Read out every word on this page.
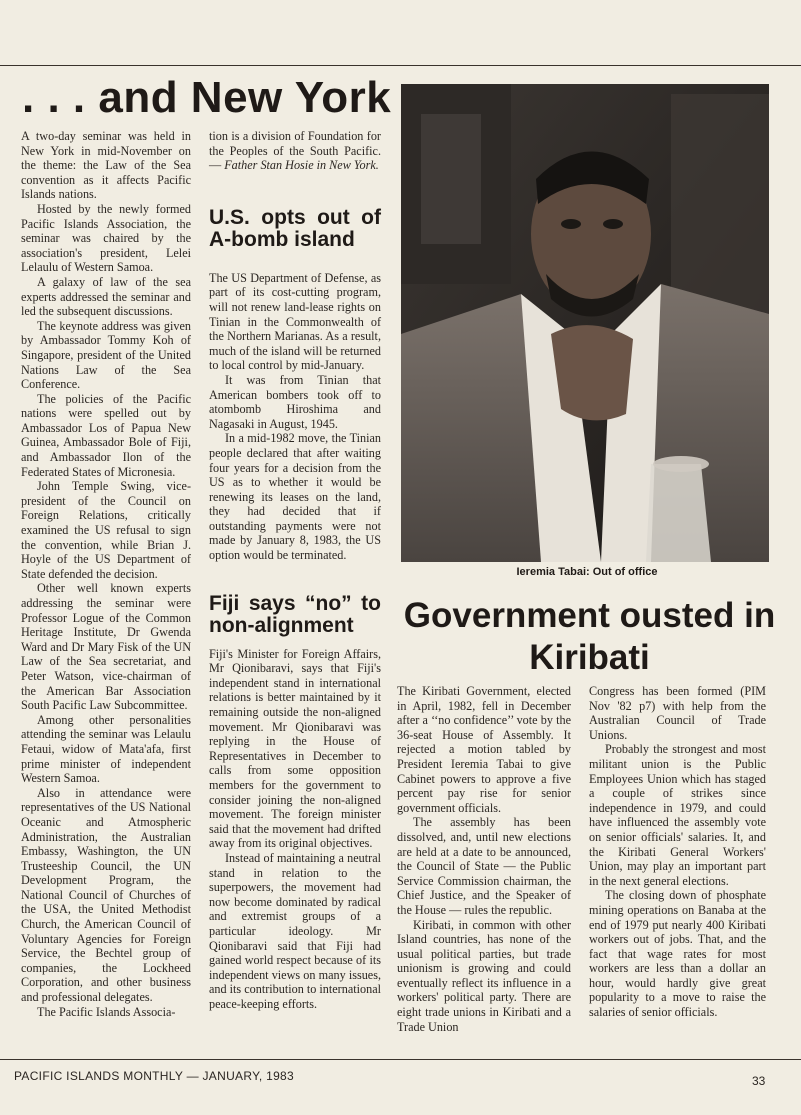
. . . and New York

A two-day seminar was held in New York in mid-November on the theme: the Law of the Sea convention as it affects Pacific Islands nations.

Hosted by the newly formed Pacific Islands Association, the seminar was chaired by the association's president, Lelei Lelaulu of Western Samoa.

A galaxy of law of the sea experts addressed the seminar and led the subsequent discussions.

The keynote address was given by Ambassador Tommy Koh of Singapore, president of the United Nations Law of the Sea Conference.

The policies of the Pacific nations were spelled out by Ambassador Los of Papua New Guinea, Ambassador Bole of Fiji, and Ambassador Ilon of the Federated States of Micronesia.

John Temple Swing, vice-president of the Council on Foreign Relations, critically examined the US refusal to sign the convention, while Brian J. Hoyle of the US Department of State defended the decision.

Other well known experts addressing the seminar were Professor Logue of the Common Heritage Institute, Dr Gwenda Ward and Dr Mary Fisk of the UN Law of the Sea secretariat, and Peter Watson, vice-chairman of the American Bar Association South Pacific Law Subcommittee.

Among other personalities attending the seminar was Lelaulu Fetaui, widow of Mata'afa, first prime minister of independent Western Samoa.

Also in attendance were representatives of the US National Oceanic and Atmospheric Administration, the Australian Embassy, Washington, the UN Trusteeship Council, the UN Development Program, the National Council of Churches of the USA, the United Methodist Church, the American Council of Voluntary Agencies for Foreign Service, the Bechtel group of companies, the Lockheed Corporation, and other business and professional delegates.

The Pacific Islands Associa-

tion is a division of Foundation for the Peoples of the South Pacific. — Father Stan Hosie in New York.

U.S. opts out of A-bomb island

The US Department of Defense, as part of its cost-cutting program, will not renew land-lease rights on Tinian in the Commonwealth of the Northern Marianas. As a result, much of the island will be returned to local control by mid-January.

It was from Tinian that American bombers took off to atombomb Hiroshima and Nagasaki in August, 1945.

In a mid-1982 move, the Tinian people declared that after waiting four years for a decision from the US as to whether it would be renewing its leases on the land, they had decided that if outstanding payments were not made by January 8, 1983, the US option would be terminated.

Fiji says “no” to non-alignment

Fiji's Minister for Foreign Affairs, Mr Qionibaravi, says that Fiji's independent stand in international relations is better maintained by it remaining outside the non-aligned movement. Mr Qionibaravi was replying in the House of Representatives in December to calls from some opposition members for the government to consider joining the non-aligned movement. The foreign minister said that the movement had drifted away from its original objectives.

Instead of maintaining a neutral stand in relation to the superpowers, the movement had now become dominated by radical and extremist groups of a particular ideology. Mr Qionibaravi said that Fiji had gained world respect because of its independent views on many issues, and its contribution to international peace-keeping efforts.

Ieremia Tabai: Out of office
Government ousted in Kiribati

The Kiribati Government, elected in April, 1982, fell in December after a ‘‘no confidence’’ vote by the 36-seat House of Assembly. It rejected a motion tabled by President Ieremia Tabai to give Cabinet powers to approve a five percent pay rise for senior government officials.

The assembly has been dissolved, and, until new elections are held at a date to be announced, the Council of State — the Public Service Commission chairman, the Chief Justice, and the Speaker of the House — rules the republic.

Kiribati, in common with other Island countries, has none of the usual political parties, but trade unionism is growing and could eventually reflect its influence in a workers' political party. There are eight trade unions in Kiribati and a Trade Union

Congress has been formed (PIM Nov '82 p7) with help from the Australian Council of Trade Unions.

Probably the strongest and most militant union is the Public Employees Union which has staged a couple of strikes since independence in 1979, and could have influenced the assembly vote on senior officials' salaries. It, and the Kiribati General Workers' Union, may play an important part in the next general elections.

The closing down of phosphate mining operations on Banaba at the end of 1979 put nearly 400 Kiribati workers out of jobs. That, and the fact that wage rates for most workers are less than a dollar an hour, would hardly give great popularity to a move to raise the salaries of senior officials.

PACIFIC ISLANDS MONTHLY — JANUARY, 1983	33
